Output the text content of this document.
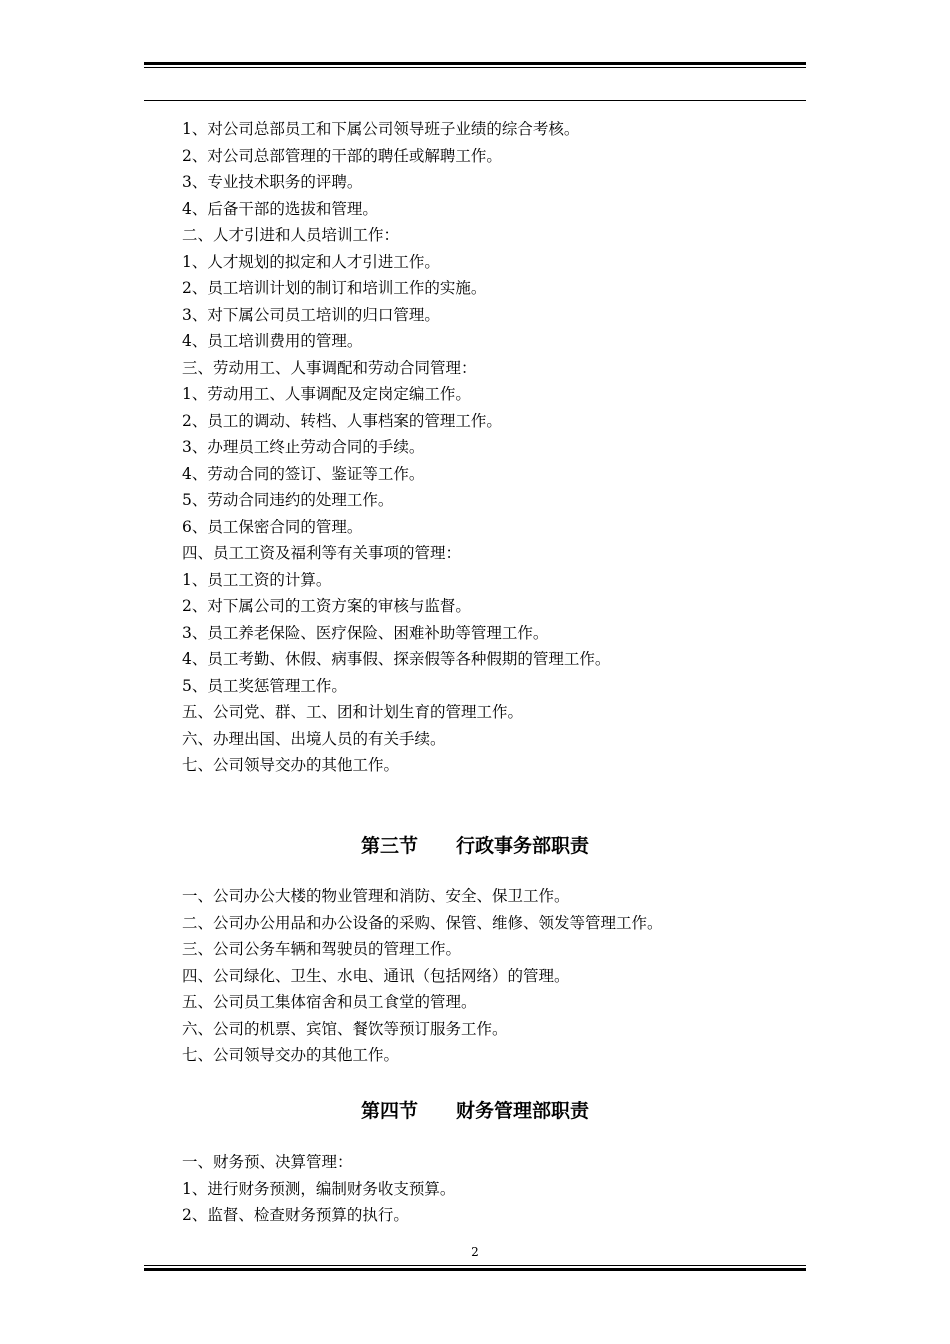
1、对公司总部员工和下属公司领导班子业绩的综合考核。
2、对公司总部管理的干部的聘任或解聘工作。
3、专业技术职务的评聘。
4、后备干部的选拔和管理。
二、人才引进和人员培训工作：
1、人才规划的拟定和人才引进工作。
2、员工培训计划的制订和培训工作的实施。
3、对下属公司员工培训的归口管理。
4、员工培训费用的管理。
三、劳动用工、人事调配和劳动合同管理：
1、劳动用工、人事调配及定岗定编工作。
2、员工的调动、转档、人事档案的管理工作。
3、办理员工终止劳动合同的手续。
4、劳动合同的签订、鉴证等工作。
5、劳动合同违约的处理工作。
6、员工保密合同的管理。
四、员工工资及福利等有关事项的管理：
1、员工工资的计算。
2、对下属公司的工资方案的审核与监督。
3、员工养老保险、医疗保险、困难补助等管理工作。
4、员工考勤、休假、病事假、探亲假等各种假期的管理工作。
5、员工奖惩管理工作。
五、公司党、群、工、团和计划生育的管理工作。
六、办理出国、出境人员的有关手续。
七、公司领导交办的其他工作。
第三节　　行政事务部职责
一、公司办公大楼的物业管理和消防、安全、保卫工作。
二、公司办公用品和办公设备的采购、保管、维修、领发等管理工作。
三、公司公务车辆和驾驶员的管理工作。
四、公司绿化、卫生、水电、通讯（包括网络）的管理。
五、公司员工集体宿舍和员工食堂的管理。
六、公司的机票、宾馆、餐饮等预订服务工作。
七、公司领导交办的其他工作。
第四节　　财务管理部职责
一、财务预、决算管理：
1、进行财务预测，编制财务收支预算。
2、监督、检查财务预算的执行。
2
